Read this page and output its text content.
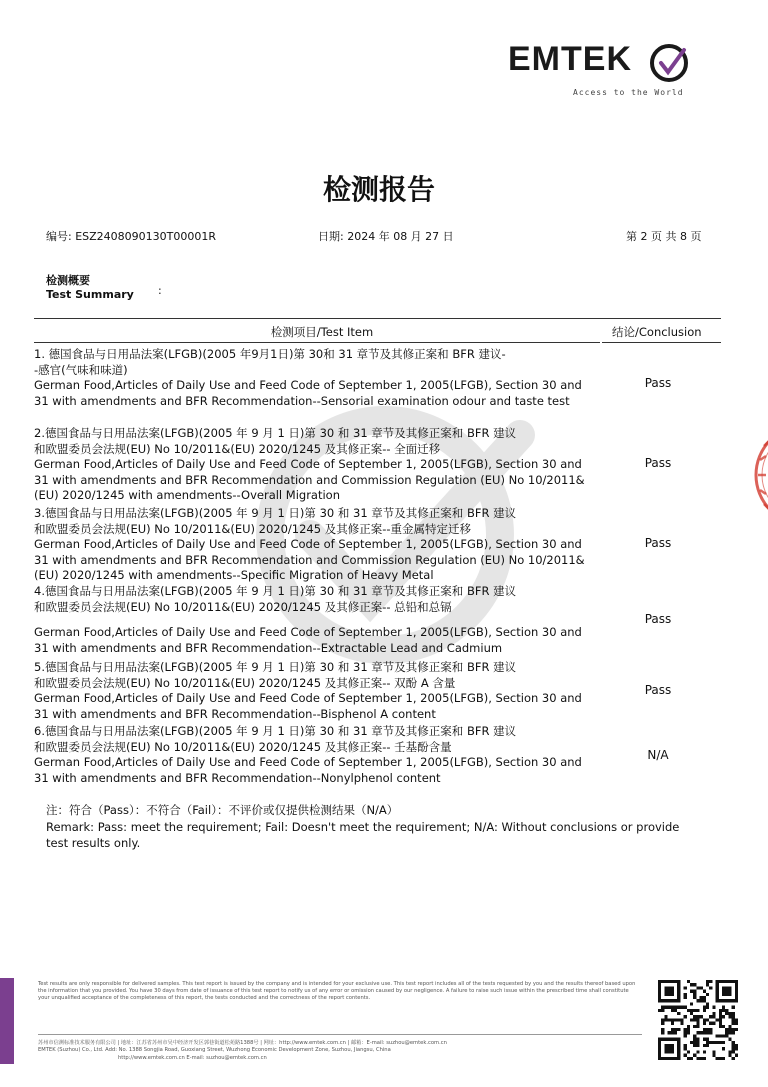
EMTEK
Access to the World
检测报告
编号: ESZ2408090130T00001R	日期: 2024 年 08 月 27 日	第 2 页 共 8 页
检测概要
Test Summary :
检测项目/Test Item	结论/Conclusion
1. 德国食品与日用品法案(LFGB)(2005 年9月1日)第 30和 31 章节及其修正案和 BFR 建议-
-感官(气味和味道)
German Food,Articles of Daily Use and Feed Code of September 1, 2005(LFGB), Section 30 and 31 with amendments and BFR Recommendation--Sensorial examination odour and taste test
Pass
2.德国食品与日用品法案(LFGB)(2005 年 9 月 1 日)第 30 和 31 章节及其修正案和 BFR 建议
和欧盟委员会法规(EU) No 10/2011&(EU) 2020/1245 及其修正案-- 全面迁移
German Food,Articles of Daily Use and Feed Code of September 1, 2005(LFGB), Section 30 and 31 with amendments and BFR Recommendation and Commission Regulation (EU) No 10/2011&(EU) 2020/1245 with amendments--Overall Migration
Pass
3.德国食品与日用品法案(LFGB)(2005 年 9 月 1 日)第 30 和 31 章节及其修正案和 BFR 建议
和欧盟委员会法规(EU) No 10/2011&(EU) 2020/1245 及其修正案--重金属特定迁移
German Food,Articles of Daily Use and Feed Code of September 1, 2005(LFGB), Section 30 and 31 with amendments and BFR Recommendation and Commission Regulation (EU) No 10/2011&(EU) 2020/1245 with amendments--Specific Migration of Heavy Metal
Pass
4.德国食品与日用品法案(LFGB)(2005 年 9 月 1 日)第 30 和 31 章节及其修正案和 BFR 建议
和欧盟委员会法规(EU) No 10/2011&(EU) 2020/1245 及其修正案-- 总铅和总镉
German Food,Articles of Daily Use and Feed Code of September 1, 2005(LFGB), Section 30 and 31 with amendments and BFR Recommendation--Extractable Lead and Cadmium
Pass
5.德国食品与日用品法案(LFGB)(2005 年 9 月 1 日)第 30 和 31 章节及其修正案和 BFR 建议
和欧盟委员会法规(EU) No 10/2011&(EU) 2020/1245 及其修正案-- 双酚 A 含量
German Food,Articles of Daily Use and Feed Code of September 1, 2005(LFGB), Section 30 and 31 with amendments and BFR Recommendation--Bisphenol A content
Pass
6.德国食品与日用品法案(LFGB)(2005 年 9 月 1 日)第 30 和 31 章节及其修正案和 BFR 建议
和欧盟委员会法规(EU) No 10/2011&(EU) 2020/1245 及其修正案-- 壬基酚含量
German Food,Articles of Daily Use and Feed Code of September 1, 2005(LFGB), Section 30 and 31 with amendments and BFR Recommendation--Nonylphenol content
N/A
注：符合（Pass）：不符合（Fail）：不评价或仅提供检测结果（N/A）
Remark: Pass: meet the requirement; Fail: Doesn't meet the requirement; N/A: Without conclusions or provide test results only.
Test results are only responsible for delivered samples. This test report is issued by the company and is intended for your exclusive use. This test report includes all of the tests requested by you and the results thereof based upon the information that you provided. You have 30 days from date of issuance of this test report to notify us of any error or omission caused by our negligence. A failure to raise such issue within the prescribed time shall constitute your unqualified acceptance of the completeness of this report, the tests conducted and the correctness of the report contents.
苏州市信测标准技术服务有限公司 | 地址：江苏省苏州市吴中经济开发区郭巷街道松苑路1388号 | 网址：http://www.emtek.com.cn | 邮箱：E-mail: suzhou@emtek.com.cn
EMTEK (Suzhou) Co., Ltd. Add: No. 1388 Songjia Road, Guoxiang Street, Wuzhong Economic Development Zone, Suzhou, Jiangsu, China
http://www.emtek.com.cn E-mail: suzhou@emtek.com.cn
